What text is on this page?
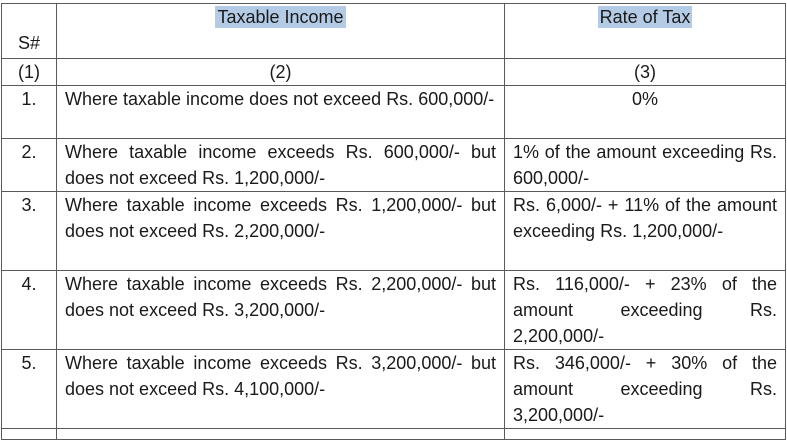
S#	Taxable Income	Rate of Tax
(1)	(2)	(3)
1.	Where taxable income does not exceed Rs. 600,000/-	0%
2.	Where taxable income exceeds Rs. 600,000/- but does not exceed Rs. 1,200,000/-	1% of the amount exceeding Rs. 600,000/-
3.	Where taxable income exceeds Rs. 1,200,000/- but does not exceed Rs. 2,200,000/-	Rs. 6,000/- + 11% of the amount exceeding Rs. 1,200,000/-
4.	Where taxable income exceeds Rs. 2,200,000/- but does not exceed Rs. 3,200,000/-	Rs. 116,000/- + 23% of the amount exceeding Rs. 2,200,000/-
5.	Where taxable income exceeds Rs. 3,200,000/- but does not exceed Rs. 4,100,000/-	Rs. 346,000/- + 30% of the amount exceeding Rs. 3,200,000/-
